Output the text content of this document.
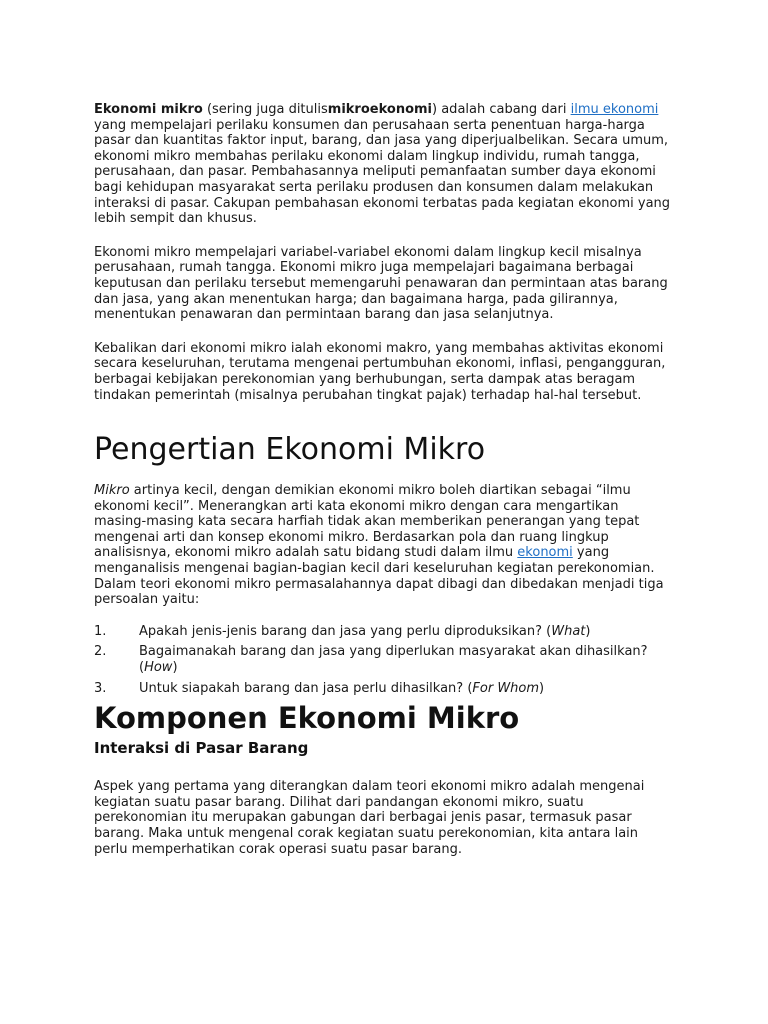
Ekonomi mikro (sering juga ditulismikroekonomi) adalah cabang dari ilmu ekonomi yang mempelajari perilaku konsumen dan perusahaan serta penentuan harga-harga pasar dan kuantitas faktor input, barang, dan jasa yang diperjualbelikan. Secara umum, ekonomi mikro membahas perilaku ekonomi dalam lingkup individu, rumah tangga, perusahaan, dan pasar. Pembahasannya meliputi pemanfaatan sumber daya ekonomi bagi kehidupan masyarakat serta perilaku produsen dan konsumen dalam melakukan interaksi di pasar. Cakupan pembahasan ekonomi terbatas pada kegiatan ekonomi yang lebih sempit dan khusus.

Ekonomi mikro mempelajari variabel-variabel ekonomi dalam lingkup kecil misalnya perusahaan, rumah tangga. Ekonomi mikro juga mempelajari bagaimana berbagai keputusan dan perilaku tersebut memengaruhi penawaran dan permintaan atas barang dan jasa, yang akan menentukan harga; dan bagaimana harga, pada gilirannya, menentukan penawaran dan permintaan barang dan jasa selanjutnya.

Kebalikan dari ekonomi mikro ialah ekonomi makro, yang membahas aktivitas ekonomi secara keseluruhan, terutama mengenai pertumbuhan ekonomi, inflasi, pengangguran, berbagai kebijakan perekonomian yang berhubungan, serta dampak atas beragam tindakan pemerintah (misalnya perubahan tingkat pajak) terhadap hal-hal tersebut.

Pengertian Ekonomi Mikro

Mikro artinya kecil, dengan demikian ekonomi mikro boleh diartikan sebagai “ilmu ekonomi kecil”. Menerangkan arti kata ekonomi mikro dengan cara mengartikan masing-masing kata secara harfiah tidak akan memberikan penerangan yang tepat mengenai arti dan konsep ekonomi mikro. Berdasarkan pola dan ruang lingkup analisisnya, ekonomi mikro adalah satu bidang studi dalam ilmu ekonomi yang menganalisis mengenai bagian-bagian kecil dari keseluruhan kegiatan perekonomian. Dalam teori ekonomi mikro permasalahannya dapat dibagi dan dibedakan menjadi tiga persoalan yaitu:

1.	Apakah jenis-jenis barang dan jasa yang perlu diproduksikan? (What)
2.	Bagaimanakah barang dan jasa yang diperlukan masyarakat akan dihasilkan? (How)
3.	Untuk siapakah barang dan jasa perlu dihasilkan? (For Whom)
Komponen Ekonomi Mikro
Interaksi di Pasar Barang

Aspek yang pertama yang diterangkan dalam teori ekonomi mikro adalah mengenai kegiatan suatu pasar barang. Dilihat dari pandangan ekonomi mikro, suatu perekonomian itu merupakan gabungan dari berbagai jenis pasar, termasuk pasar barang. Maka untuk mengenal corak kegiatan suatu perekonomian, kita antara lain perlu memperhatikan corak operasi suatu pasar barang.
